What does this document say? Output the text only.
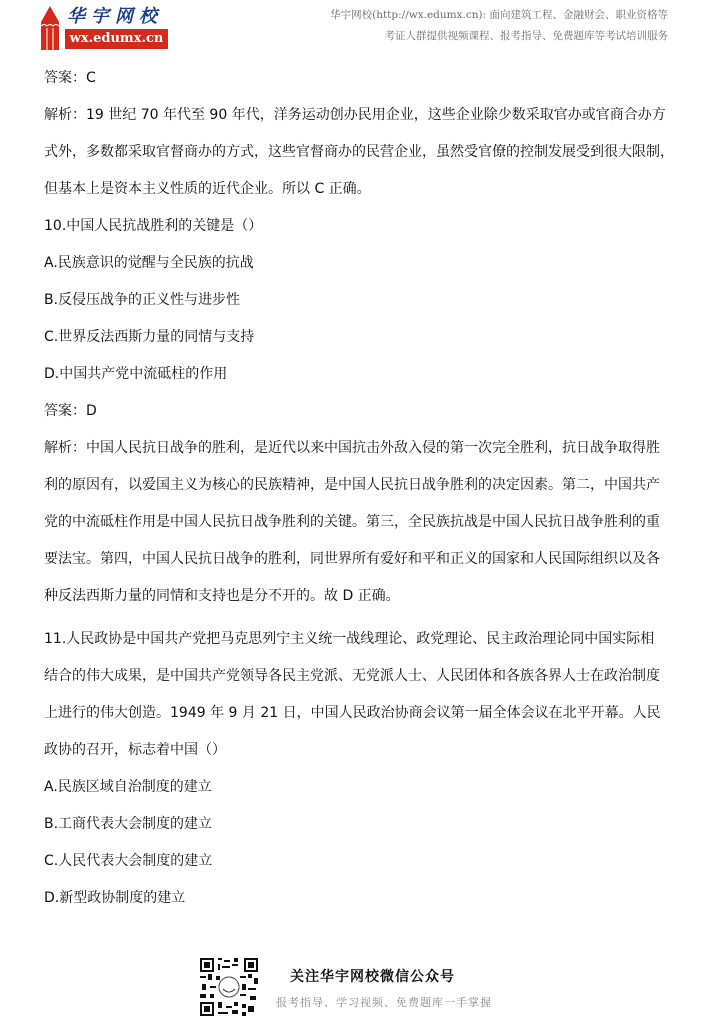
华宇网校
wx.edumx.cn
华宇网校(http://wx.edumx.cn): 面向建筑工程、金融财会、职业资格等
考证人群提供视频课程、报考指导、免费题库等考试培训服务

答案：C

解析：19 世纪 70 年代至 90 年代，洋务运动创办民用企业，这些企业除少数采取官办或官商合办方

式外，多数都采取官督商办的方式，这些官督商办的民营企业，虽然受官僚的控制发展受到很大限制，

但基本上是资本主义性质的近代企业。所以 C 正确。

10.中国人民抗战胜利的关键是（）

A.民族意识的觉醒与全民族的抗战

B.反侵压战争的正义性与进步性

C.世界反法西斯力量的同情与支持

D.中国共产党中流砥柱的作用

答案：D

解析：中国人民抗日战争的胜利，是近代以来中国抗击外敌入侵的第一次完全胜利，抗日战争取得胜

利的原因有，以爱国主义为核心的民族精神，是中国人民抗日战争胜利的决定因素。第二，中国共产

党的中流砥柱作用是中国人民抗日战争胜利的关键。第三，全民族抗战是中国人民抗日战争胜利的重

要法宝。第四，中国人民抗日战争的胜利，同世界所有爱好和平和正义的国家和人民国际组织以及各

种反法西斯力量的同情和支持也是分不开的。故 D 正确。

11.人民政协是中国共产党把马克思列宁主义统一战线理论、政党理论、民主政治理论同中国实际相

结合的伟大成果，是中国共产党领导各民主党派、无党派人士、人民团体和各族各界人士在政治制度

上进行的伟大创造。1949 年 9 月 21 日，中国人民政治协商会议第一届全体会议在北平开幕。人民

政协的召开，标志着中国（）

A.民族区域自治制度的建立

B.工商代表大会制度的建立

C.人民代表大会制度的建立

D.新型政协制度的建立

关注华宇网校微信公众号
报考指导、学习视频、免费题库一手掌握
